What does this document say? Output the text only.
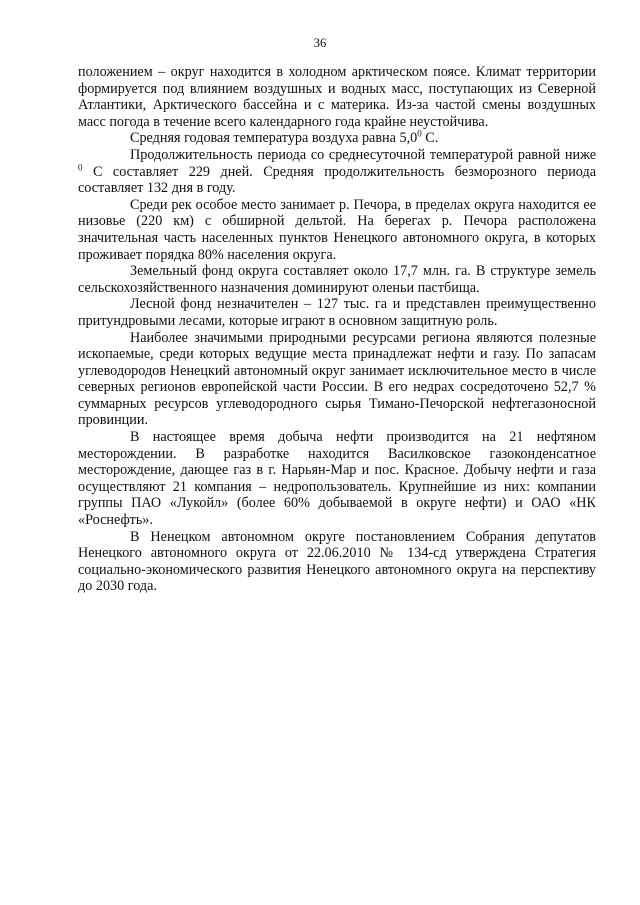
36

положением – округ находится в холодном арктическом поясе. Климат территории формируется под влиянием воздушных и водных масс, поступающих из Северной Атлантики, Арктического бассейна и с материка. Из-за частой смены воздушных масс погода в течение всего календарного года крайне неустойчива.

Средняя годовая температура воздуха равна $5,0^0$ С.

Продолжительность периода со среднесуточной температурой равной ниже $^0$ С составляет 229 дней. Средняя продолжительность безморозного периода составляет 132 дня в году.

Среди рек особое место занимает р. Печора, в пределах округа находится ее низовье (220 км) с обширной дельтой. На берегах р. Печора расположена значительная часть населенных пунктов Ненецкого автономного округа, в которых проживает порядка 80% населения округа.

Земельный фонд округа составляет около 17,7 млн. га. В структуре земель сельскохозяйственного назначения доминируют оленьи пастбища.

Лесной фонд незначителен – 127 тыс. га и представлен преимущественно притундровыми лесами, которые играют в основном защитную роль.

Наиболее значимыми природными ресурсами региона являются полезные ископаемые, среди которых ведущие места принадлежат нефти и газу. По запасам углеводородов Ненецкий автономный округ занимает исключительное место в числе северных регионов европейской части России. В его недрах сосредоточено 52,7 % суммарных ресурсов углеводородного сырья Тимано-Печорской нефтегазоносной провинции.

В настоящее время добыча нефти производится на 21 нефтяном месторождении. В разработке находится Василковское газоконденсатное месторождение, дающее газ в г. Нарьян-Мар и пос. Красное. Добычу нефти и газа осуществляют 21 компания – недропользователь. Крупнейшие из них: компании группы ПАО «Лукойл» (более 60% добываемой в округе нефти) и ОАО «НК «Роснефть».

В Ненецком автономном округе постановлением Собрания депутатов Ненецкого автономного округа от 22.06.2010 № 134-сд утверждена Стратегия социально-экономического развития Ненецкого автономного округа на перспективу до 2030 года.
